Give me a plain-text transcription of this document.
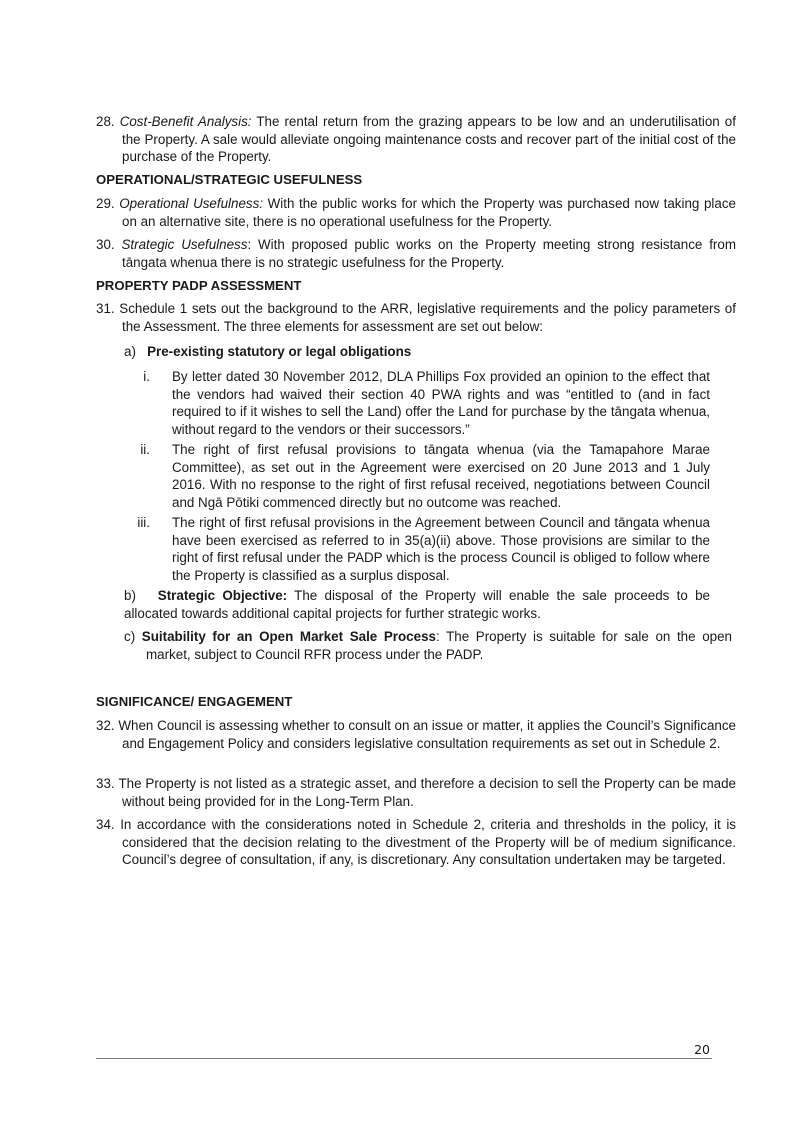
28. Cost-Benefit Analysis: The rental return from the grazing appears to be low and an underutilisation of the Property. A sale would alleviate ongoing maintenance costs and recover part of the initial cost of the purchase of the Property.
OPERATIONAL/STRATEGIC USEFULNESS
29. Operational Usefulness: With the public works for which the Property was purchased now taking place on an alternative site, there is no operational usefulness for the Property.
30. Strategic Usefulness: With proposed public works on the Property meeting strong resistance from tāngata whenua there is no strategic usefulness for the Property.
PROPERTY PADP ASSESSMENT
31. Schedule 1 sets out the background to the ARR, legislative requirements and the policy parameters of the Assessment. The three elements for assessment are set out below:
a) Pre-existing statutory or legal obligations
i. By letter dated 30 November 2012, DLA Phillips Fox provided an opinion to the effect that the vendors had waived their section 40 PWA rights and was “entitled to (and in fact required to if it wishes to sell the Land) offer the Land for purchase by the tāngata whenua, without regard to the vendors or their successors.”
ii. The right of first refusal provisions to tāngata whenua (via the Tamapahore Marae Committee), as set out in the Agreement were exercised on 20 June 2013 and 1 July 2016. With no response to the right of first refusal received, negotiations between Council and Ngā Pōtiki commenced directly but no outcome was reached.
iii. The right of first refusal provisions in the Agreement between Council and tāngata whenua have been exercised as referred to in 35(a)(ii) above. Those provisions are similar to the right of first refusal under the PADP which is the process Council is obliged to follow where the Property is classified as a surplus disposal.
b) Strategic Objective: The disposal of the Property will enable the sale proceeds to be allocated towards additional capital projects for further strategic works.
c) Suitability for an Open Market Sale Process: The Property is suitable for sale on the open market, subject to Council RFR process under the PADP.
SIGNIFICANCE/ ENGAGEMENT
32. When Council is assessing whether to consult on an issue or matter, it applies the Council’s Significance and Engagement Policy and considers legislative consultation requirements as set out in Schedule 2.
33. The Property is not listed as a strategic asset, and therefore a decision to sell the Property can be made without being provided for in the Long-Term Plan.
34. In accordance with the considerations noted in Schedule 2, criteria and thresholds in the policy, it is considered that the decision relating to the divestment of the Property will be of medium significance. Council’s degree of consultation, if any, is discretionary. Any consultation undertaken may be targeted.
20
